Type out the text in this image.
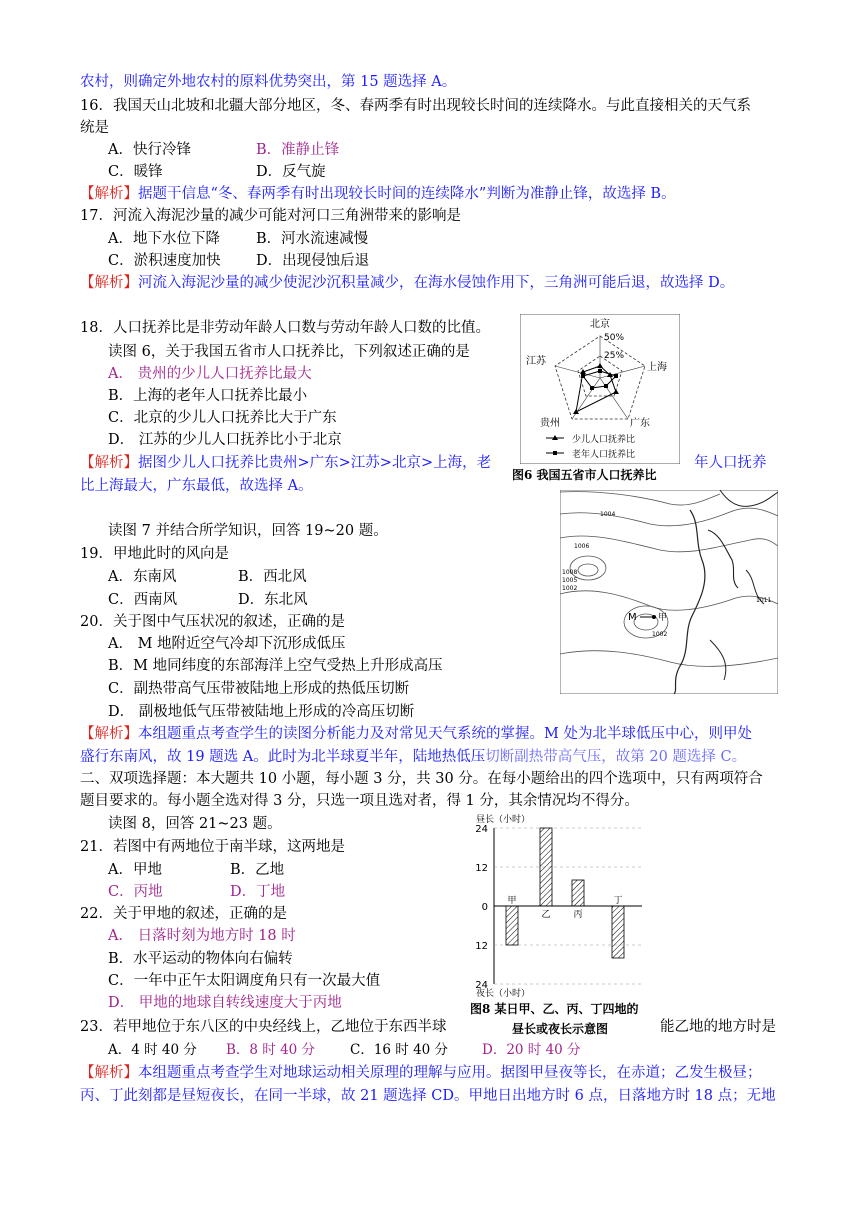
农村，则确定外地农村的原料优势突出，第 15 题选择 A。
16．我国天山北坡和北疆大部分地区，冬、春两季有时出现较长时间的连续降水。与此直接相关的天气系
统是
A．快行冷锋	B．准静止锋
C．暖锋	D．反气旋
【解析】据题干信息“冬、春两季有时出现较长时间的连续降水”判断为准静止锋，故选择 B。
17．河流入海泥沙量的减少可能对河口三角洲带来的影响是
A．地下水位下降 B．河水流速减慢
C．淤积速度加快 D．出现侵蚀后退
【解析】河流入海泥沙量的减少使泥沙沉积量减少，在海水侵蚀作用下，三角洲可能后退，故选择 D。
18．人口抚养比是非劳动年龄人口数与劳动年龄人口数的比值。
读图 6，关于我国五省市人口抚养比，下列叙述正确的是
A． 贵州的少儿人口抚养比最大
B．上海的老年人口抚养比最小
C．北京的少儿人口抚养比大于广东
D． 江苏的少儿人口抚养比小于北京
【解析】据图少儿人口抚养比贵州>广东>江苏>北京>上海，老	年人口抚养
比上海最大，广东最低，故选择 A。
北京
50%
25%
上海
江苏
广东
贵州
少儿人口抚养比
老年人口抚养比
图6 我国五省市人口抚养比
读图 7 并结合所学知识，回答 19~20 题。
19．甲地此时的风向是
A．东南风	B．西北风
C．西南风	D．东北风
20．关于图中气压状况的叙述，正确的是
A． M 地附近空气冷却下沉形成低压
B．M 地同纬度的东部海洋上空气受热上升形成高压
C．副热带高气压带被陆地上形成的热低压切断
D． 副极地低气压带被陆地上形成的冷高压切断
【解析】本组题重点考查学生的读图分析能力及对常见天气系统的掌握。M 处为北半球低压中心，则甲处
盛行东南风，故 19 题选 A。此时为北半球夏半年，陆地热低压切断副热带高气压，故第 20 题选择 C。
1006
1008
1005
1002
1004
1002
1011
M 甲
二、双项选择题：本大题共 10 小题，每小题 3 分，共 30 分。在每小题给出的四个选项中，只有两项符合
题目要求的。每小题全选对得 3 分，只选一项且选对者，得 1 分，其余情况均不得分。
读图 8，回答 21~23 题。
21．若图中有两地位于南半球，这两地是
A．甲地	B．乙地
C．丙地	D．丁地
22．关于甲地的叙述，正确的是
A． 日落时刻为地方时 18 时
B．水平运动的物体向右偏转
C．一年中正午太阳调度角只有一次最大值
D． 甲地的地球自转线速度大于丙地
23．若甲地位于东八区的中央经线上，乙地位于东西半球	能乙地的地方时是
A．4 时 40 分 B．8 时 40 分	C．16 时 40 分	D．20 时 40 分
【解析】本组题重点考查学生对地球运动相关原理的理解与应用。据图甲昼夜等长，在赤道；乙发生极昼；
丙、丁此刻都是昼短夜长，在同一半球，故 21 题选择 CD。甲地日出地方时 6 点，日落地方时 18 点；无地
昼长（小时）
夜长（小时）
24
12
0
12
24
甲
乙	丙
丁
图8 某日甲、乙、丙、丁四地的
昼长或夜长示意图
